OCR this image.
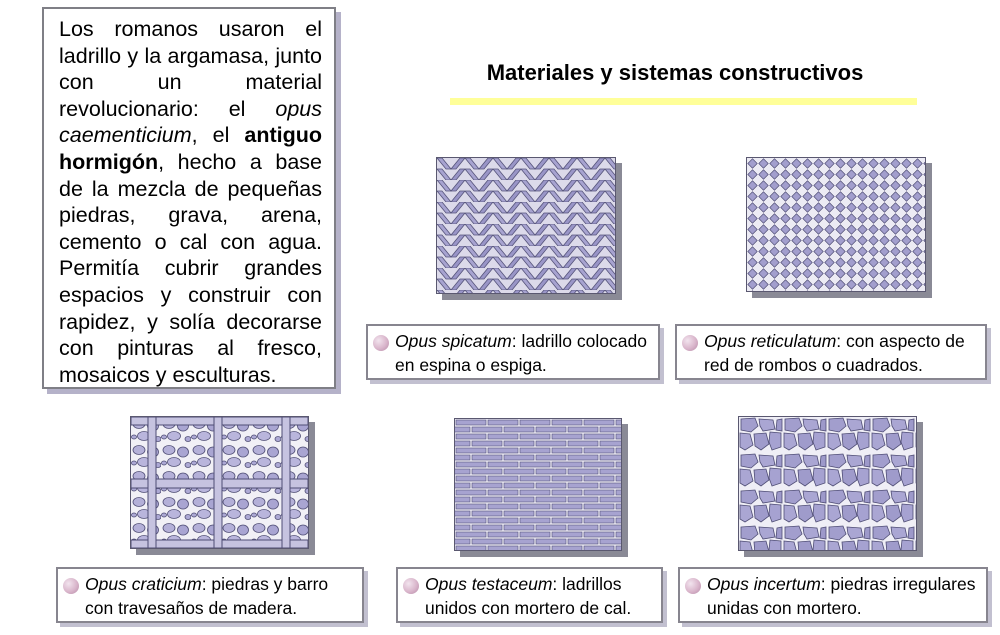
Los romanos usaron el ladrillo y la argamasa, junto con un material revolucionario: el opus caementicium, el antiguo hormigón, hecho a base de la mezcla de pequeñas piedras, grava, arena, cemento o cal con agua. Permitía cubrir grandes espacios y construir con rapidez, y solía decorarse con pinturas al fresco, mosaicos y esculturas.

Materiales y sistemas constructivos
Opus spicatum: ladrillo colocado en espina o espiga.
Opus reticulatum: con aspecto de red de rombos o cuadrados.
Opus craticium: piedras y barro con travesaños de madera.
Opus testaceum: ladrillos unidos con mortero de cal.
Opus incertum: piedras irregulares unidas con mortero.
